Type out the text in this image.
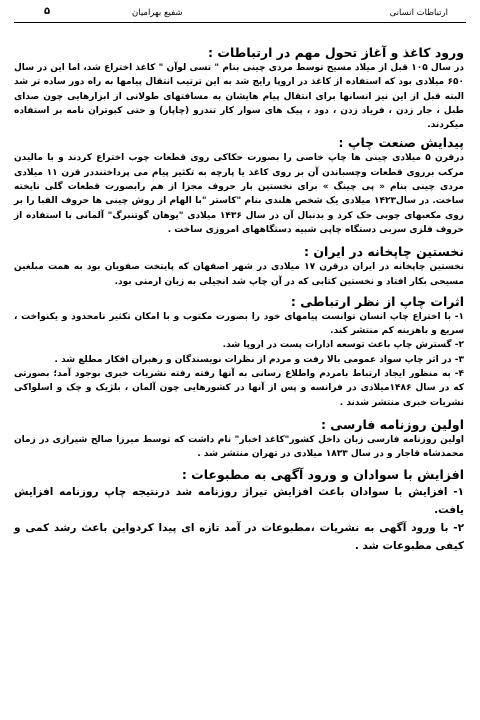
ارتباطات انسانی
شفیع بهرامیان
۵
ورود کاغذ و آغاز تحول مهم در ارتباطات :

در سال ۱۰۵ قبل از میلاد مسیح توسط مردی چینی بنام " تسی لوآن " کاغذ اختراع شد، اما این در سال ۶۵۰ میلادی بود که استفاده از کاغذ در اروپا رایج شد به این ترتیب انتقال پیامها به راه دور ساده تر شد البته قبل از این نیز انسانها برای انتقال پیام هایشان به مسافتهای طولانی از ابزارهایی چون صدای طبل ، جار زدن ، فریاد زدن ، دود ، پیک های سوار کار تندرو (چاپار) و حتی کبوتران نامه بر استفاده میکردند.

پیدایش صنعت چاپ :

درقرن ۵ میلادی چینی ها چاپ خاصی را بصورت حکاکی روی قطعات چوب اختراع کردند و با مالیدن مرکب برروی قطعات وچسباندن آن بر روی کاغذ یا پارچه به تکثیر پیام می پرداختنددر قرن ۱۱ میلادی مردی چینی بنام « پی چینگ » برای نخستین بار حروف مجزا از هم رابصورت قطعات گلی نایخته ساخت. در سال۱۴۲۳ میلادی یک شخص هلندی بنام "کاستر "با الهام از روش چینی ها حروف الفبا را بر روی مکعبهای چوبی حک کرد و بدنبال آن در سال ۱۴۳۶ میلادی "یوهان گوتنبرگ" آلمانی با استفاده از حروف فلزی سربی دستگاه چاپی شبیه دستگاههای امروزی ساخت .

نخستین چاپخانه در ایران :

نخستین چاپخانه در ایران درقرن ۱۷ میلادی در شهر اصفهان که پایتخت صفویان بود به همت مبلغین مسیحی بکار افتاد و نخستین کتابی که در آن چاپ شد انجیلی به زبان ارمنی بود.

اثرات چاپ از نظر ارتباطی :

۱- با اختراع چاپ انسان توانست پیامهای خود را بصورت مکتوب و با امکان تکثیر نامحدود و یکنواخت ، سریع و باهزینه کم منتشر کند.

۲- گسترش چاپ باعث توسعه ادارات پست در اروپا شد.

۳- در اثر چاپ سواد عمومی بالا رفت و مردم از نظرات نویسندگان و رهبران افکار مطلع شد .

۴- به منظور ایجاد ارتباط بامردم واطلاع رسانی به آنها رفته رفته نشریات خبری بوجود آمد؛ بصورتی که در سال ۱۴۸۶میلادی در فرانسه و پس از آنها در کشورهایی چون آلمان ، بلژیک و چک و اسلواکی نشریات خبری منتشر شدند .

اولین روزنامه فارسی :

اولین روزنامه فارسی زبان داخل کشور"کاغذ اخبار" نام داشت که توسط میرزا صالح شیرازی در زمان محمدشاه قاجار و در سال ۱۸۳۳ میلادی در تهران منتشر شد .

افزایش با سوادان و ورود آگهی به مطبوعات :

۱- افزایش با سوادان باعث افزایش تیراژ روزنامه شد درنتیجه چاپ روزنامه افزایش یافت.

۲- با ورود آگهی به نشریات ،مطبوعات در آمد تازه ای پیدا کردواین باعث رشد کمی و کیفی مطبوعات شد .
